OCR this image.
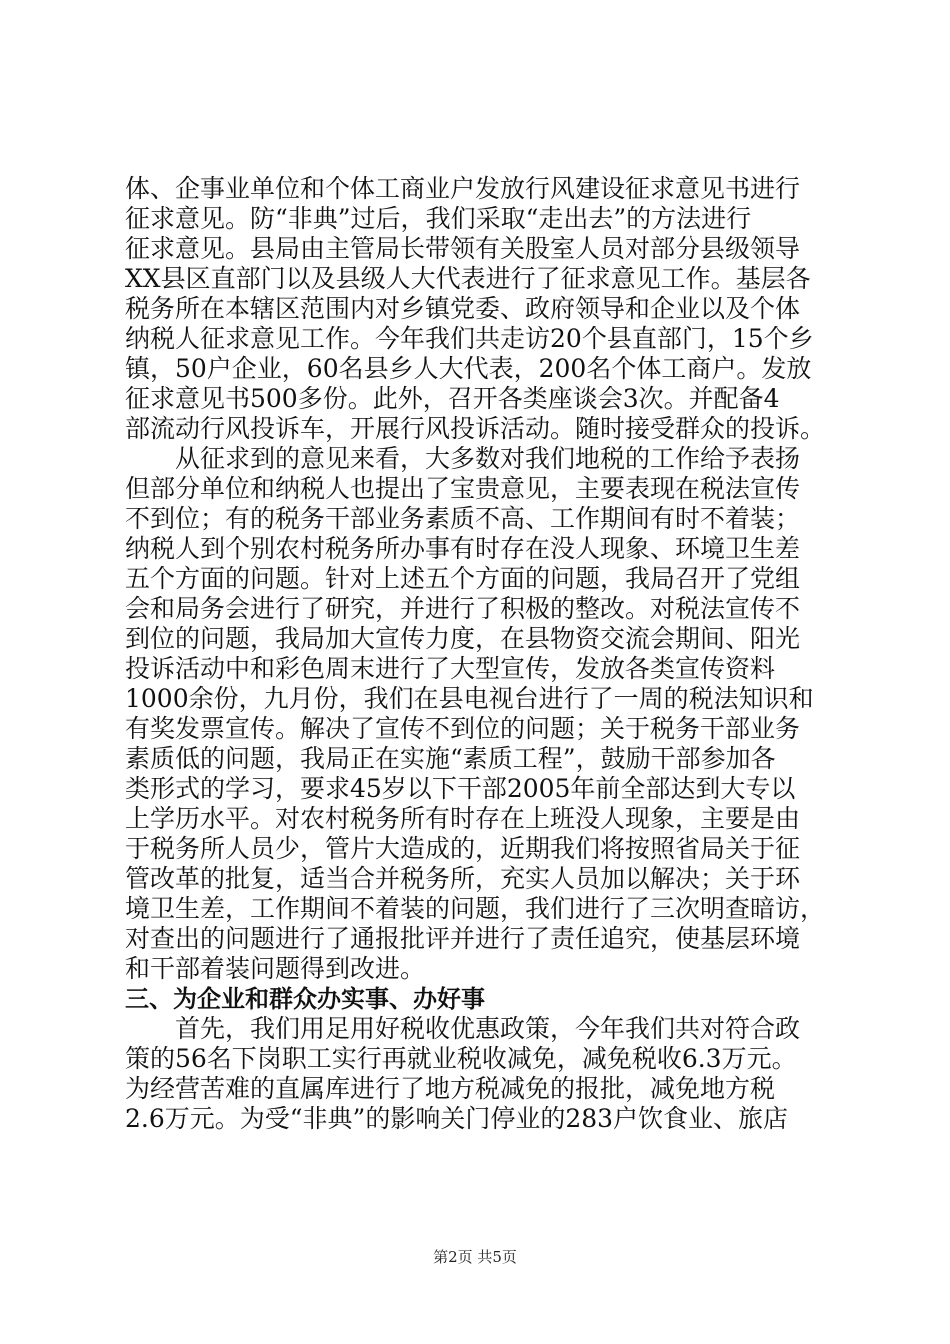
体、企事业单位和个体工商业户发放行风建设征求意见书进行
征求意见。防“非典”过后，我们采取“走出去”的方法进行
征求意见。县局由主管局长带领有关股室人员对部分县级领导
XX县区直部门以及县级人大代表进行了征求意见工作。基层各
税务所在本辖区范围内对乡镇党委、政府领导和企业以及个体
纳税人征求意见工作。今年我们共走访20个县直部门，15个乡
镇，50户企业，60名县乡人大代表，200名个体工商户。发放
征求意见书500多份。此外，召开各类座谈会3次。并配备4
部流动行风投诉车，开展行风投诉活动。随时接受群众的投诉。
从征求到的意见来看，大多数对我们地税的工作给予表扬
但部分单位和纳税人也提出了宝贵意见，主要表现在税法宣传
不到位；有的税务干部业务素质不高、工作期间有时不着装；
纳税人到个别农村税务所办事有时存在没人现象、环境卫生差
五个方面的问题。针对上述五个方面的问题，我局召开了党组
会和局务会进行了研究，并进行了积极的整改。对税法宣传不
到位的问题，我局加大宣传力度，在县物资交流会期间、阳光
投诉活动中和彩色周末进行了大型宣传，发放各类宣传资料
1000余份，九月份，我们在县电视台进行了一周的税法知识和
有奖发票宣传。解决了宣传不到位的问题；关于税务干部业务
素质低的问题，我局正在实施“素质工程”，鼓励干部参加各
类形式的学习，要求45岁以下干部2005年前全部达到大专以
上学历水平。对农村税务所有时存在上班没人现象，主要是由
于税务所人员少，管片大造成的，近期我们将按照省局关于征
管改革的批复，适当合并税务所，充实人员加以解决；关于环
境卫生差，工作期间不着装的问题，我们进行了三次明查暗访，
对查出的问题进行了通报批评并进行了责任追究，使基层环境
和干部着装问题得到改进。
三、为企业和群众办实事、办好事
首先，我们用足用好税收优惠政策，今年我们共对符合政
策的56名下岗职工实行再就业税收减免，减免税收6.3万元。
为经营苦难的直属库进行了地方税减免的报批，减免地方税
2.6万元。为受“非典”的影响关门停业的283户饮食业、旅店
第2页 共5页
